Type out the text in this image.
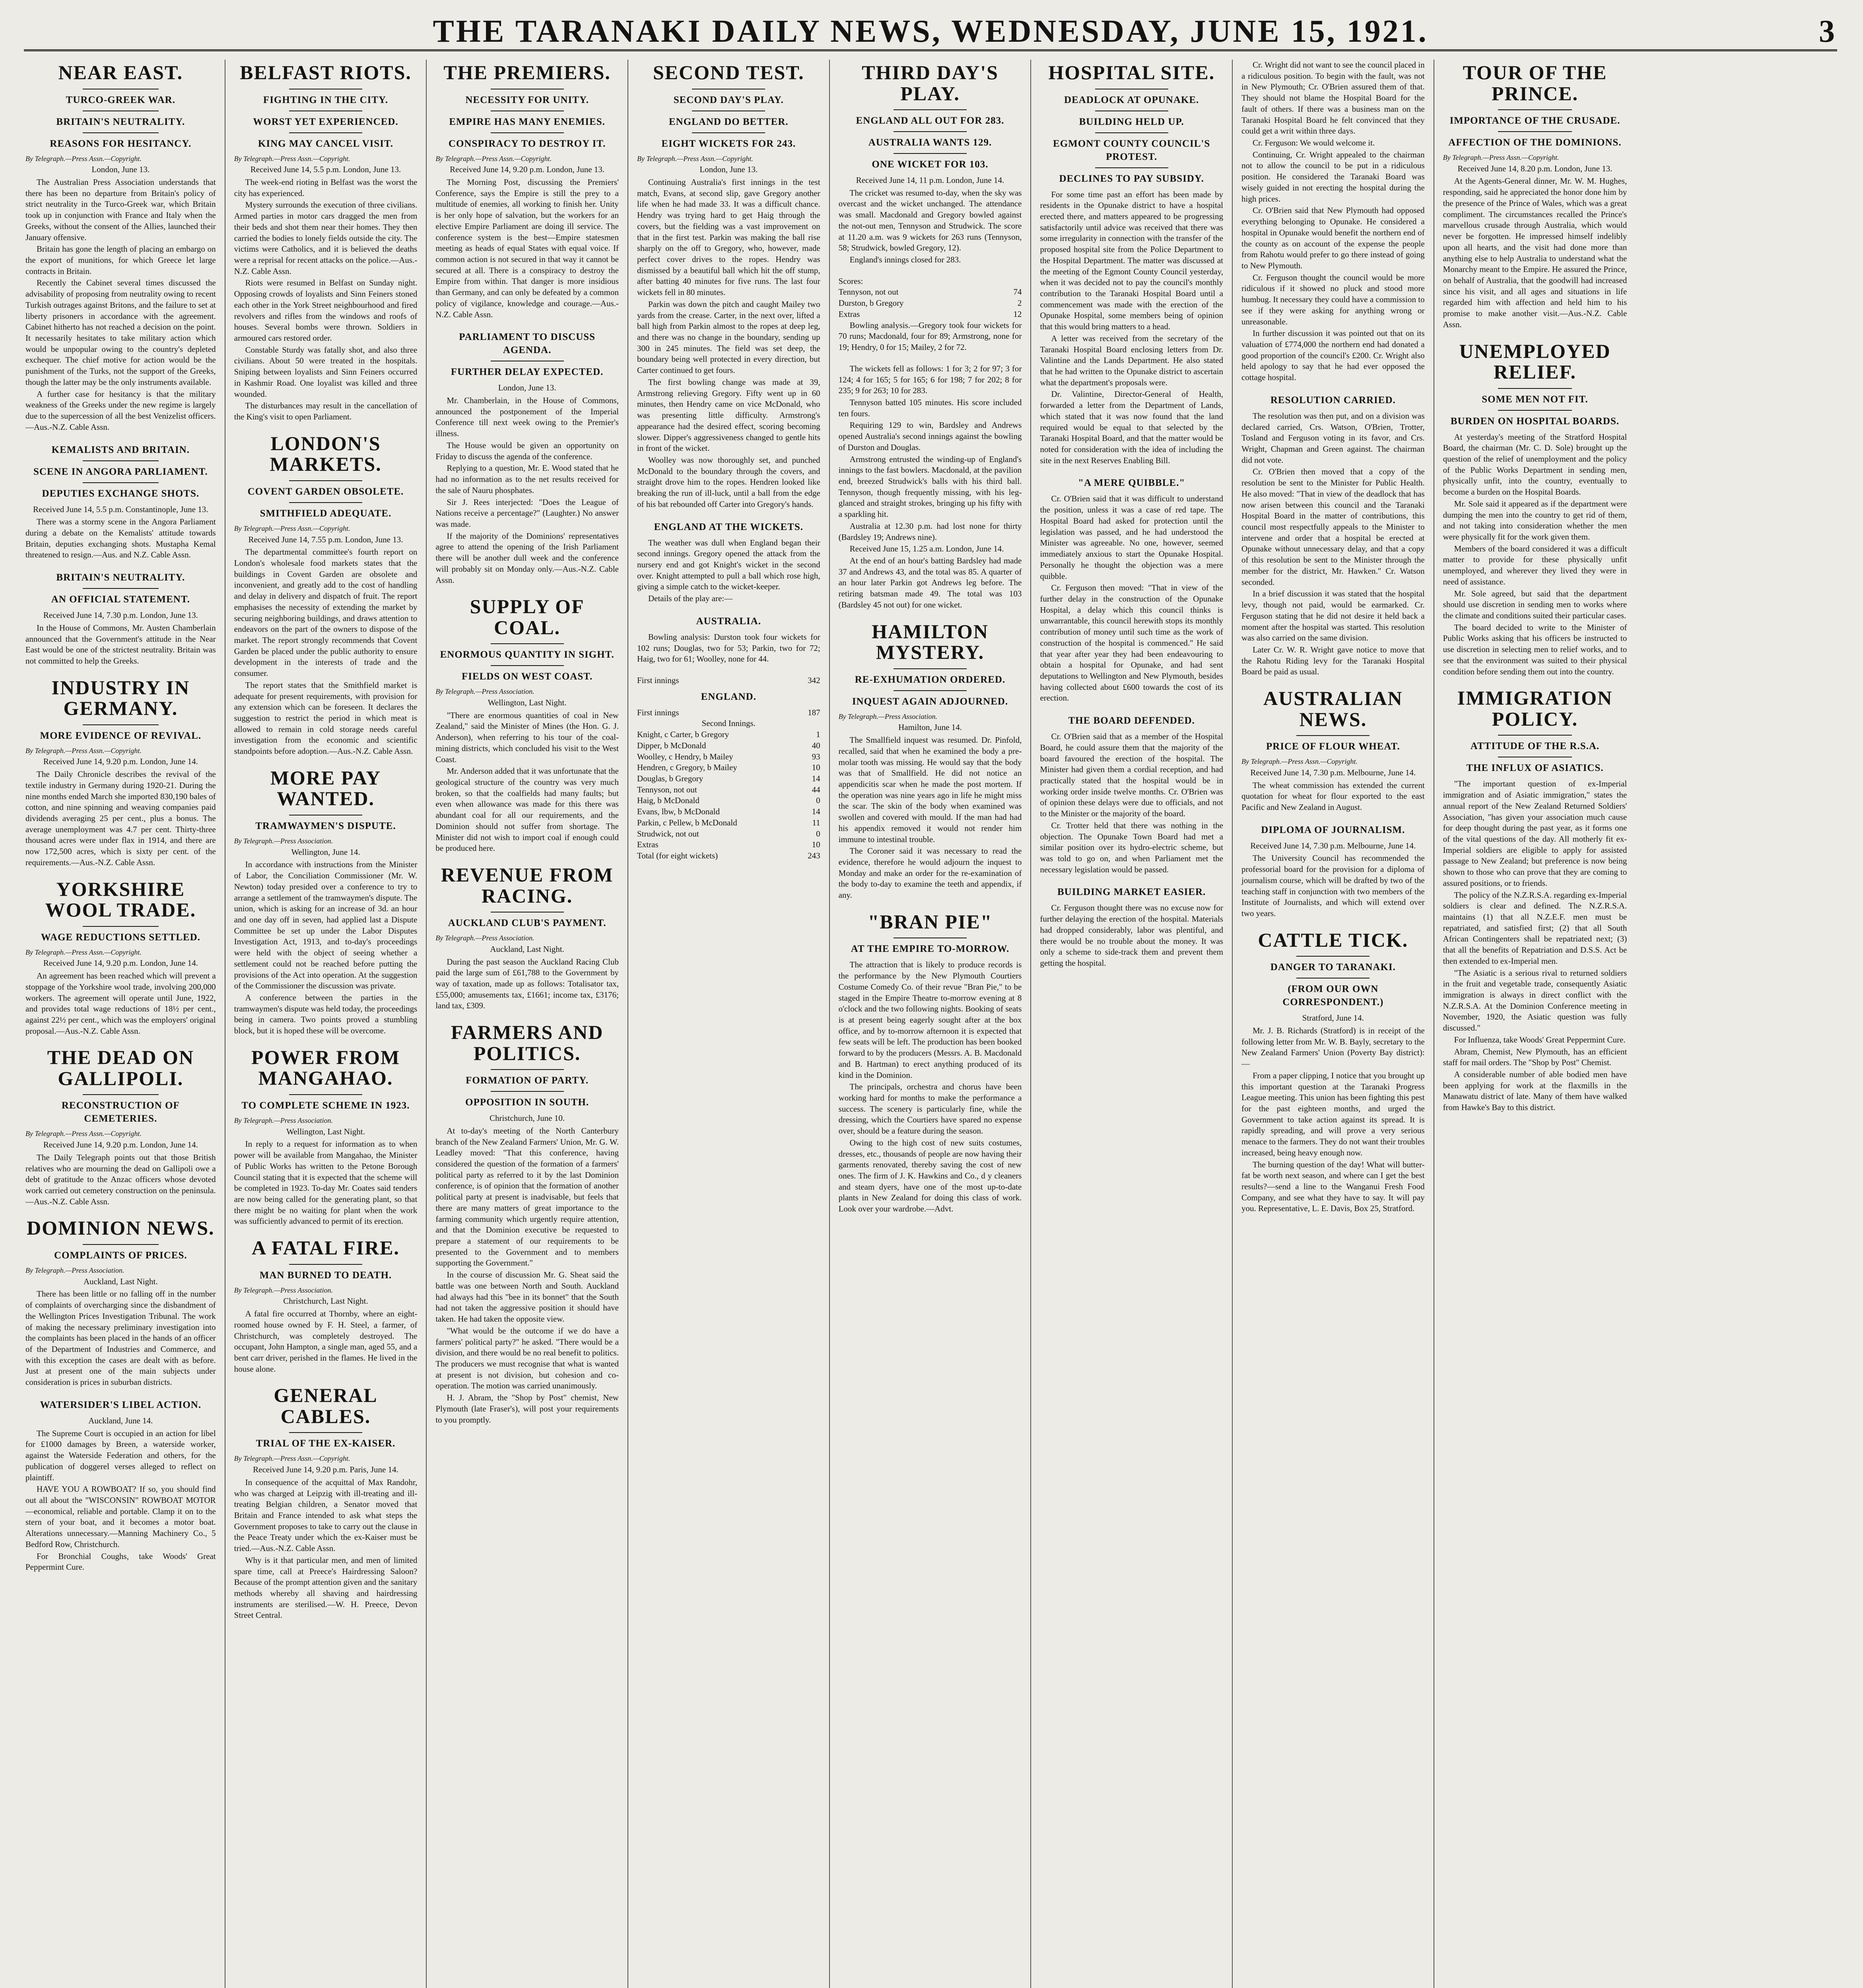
THE TARANAKI DAILY NEWS, WEDNESDAY, JUNE 15, 1921.	3
NEAR EAST.
TURCO-GREEK WAR.
BRITAIN'S NEUTRALITY.
REASONS FOR HESITANCY.
By Telegraph.—Press Assn.—Copyright.
London, June 13.

The Australian Press Association understands that there has been no departure from Britain's policy of strict neutrality in the Turco-Greek war, which Britain took up in conjunction with France and Italy when the Greeks, without the consent of the Allies, launched their January offensive.

Britain has gone the length of placing an embargo on the export of munitions, for which Greece let large contracts in Britain.

Recently the Cabinet several times discussed the advisability of proposing from neutrality owing to recent Turkish outrages against Britons, and the failure to set at liberty prisoners in accordance with the agreement. Cabinet hitherto has not reached a decision on the point. It necessarily hesitates to take military action which would be unpopular owing to the country's depleted exchequer. The chief motive for action would be the punishment of the Turks, not the support of the Greeks, though the latter may be the only instruments available.

A further case for hesitancy is that the military weakness of the Greeks under the new regime is largely due to the supercession of all the best Venizelist officers.—Aus.-N.Z. Cable Assn.

KEMALISTS AND BRITAIN.
SCENE IN ANGORA PARLIAMENT.
DEPUTIES EXCHANGE SHOTS.
Received June 14, 5.5 p.m. Constantinople, June 13.

There was a stormy scene in the Angora Parliament during a debate on the Kemalists' attitude towards Britain, deputies exchanging shots. Mustapha Kemal threatened to resign.—Aus. and N.Z. Cable Assn.

BRITAIN'S NEUTRALITY.
AN OFFICIAL STATEMENT.
Received June 14, 7.30 p.m. London, June 13.

In the House of Commons, Mr. Austen Chamberlain announced that the Government's attitude in the Near East would be one of the strictest neutrality. Britain was not committed to help the Greeks.

INDUSTRY IN GERMANY.
MORE EVIDENCE OF REVIVAL.
By Telegraph.—Press Assn.—Copyright.
Received June 14, 9.20 p.m. London, June 14.

The Daily Chronicle describes the revival of the textile industry in Germany during 1920-21. During the nine months ended March she imported 830,190 bales of cotton, and nine spinning and weaving companies paid dividends averaging 25 per cent., plus a bonus. The average unemployment was 4.7 per cent. Thirty-three thousand acres were under flax in 1914, and there are now 172,500 acres, which is sixty per cent. of the requirements.—Aus.-N.Z. Cable Assn.

YORKSHIRE WOOL TRADE.
WAGE REDUCTIONS SETTLED.
By Telegraph.—Press Assn.—Copyright.
Received June 14, 9.20 p.m. London, June 14.

An agreement has been reached which will prevent a stoppage of the Yorkshire wool trade, involving 200,000 workers. The agreement will operate until June, 1922, and provides total wage reductions of 18½ per cent., against 22½ per cent., which was the employers' original proposal.—Aus.-N.Z. Cable Assn.

THE DEAD ON GALLIPOLI.
RECONSTRUCTION OF CEMETERIES.
By Telegraph.—Press Assn.—Copyright.
Received June 14, 9.20 p.m. London, June 14.

The Daily Telegraph points out that those British relatives who are mourning the dead on Gallipoli owe a debt of gratitude to the Anzac officers whose devoted work carried out cemetery construction on the peninsula.—Aus.-N.Z. Cable Assn.

DOMINION NEWS.
COMPLAINTS OF PRICES.
By Telegraph.—Press Association.
Auckland, Last Night.

There has been little or no falling off in the number of complaints of overcharging since the disbandment of the Wellington Prices Investigation Tribunal. The work of making the necessary preliminary investigation into the complaints has been placed in the hands of an officer of the Department of Industries and Commerce, and with this exception the cases are dealt with as before. Just at present one of the main subjects under consideration is prices in suburban districts.

WATERSIDER'S LIBEL ACTION.
Auckland, June 14.

The Supreme Court is occupied in an action for libel for £1000 damages by Breen, a waterside worker, against the Waterside Federation and others, for the publication of doggerel verses alleged to reflect on plaintiff.

HAVE YOU A ROWBOAT? If so, you should find out all about the "WISCONSIN" ROWBOAT MOTOR—economical, reliable and portable. Clamp it on to the stern of your boat, and it becomes a motor boat. Alterations unnecessary.—Manning Machinery Co., 5 Bedford Row, Christchurch.

For Bronchial Coughs, take Woods' Great Peppermint Cure.

BELFAST RIOTS.
FIGHTING IN THE CITY.
WORST YET EXPERIENCED.
KING MAY CANCEL VISIT.
By Telegraph.—Press Assn.—Copyright.
Received June 14, 5.5 p.m. London, June 13.

The week-end rioting in Belfast was the worst the city has experienced.

Mystery surrounds the execution of three civilians. Armed parties in motor cars dragged the men from their beds and shot them near their homes. They then carried the bodies to lonely fields outside the city. The victims were Catholics, and it is believed the deaths were a reprisal for recent attacks on the police.—Aus.-N.Z. Cable Assn.

Riots were resumed in Belfast on Sunday night. Opposing crowds of loyalists and Sinn Feiners stoned each other in the York Street neighbourhood and fired revolvers and rifles from the windows and roofs of houses. Several bombs were thrown. Soldiers in armoured cars restored order.

Constable Sturdy was fatally shot, and also three civilians. About 50 were treated in the hospitals. Sniping between loyalists and Sinn Feiners occurred in Kashmir Road. One loyalist was killed and three wounded.

The disturbances may result in the cancellation of the King's visit to open Parliament.

LONDON'S MARKETS.
COVENT GARDEN OBSOLETE.
SMITHFIELD ADEQUATE.
By Telegraph.—Press Assn.—Copyright.
Received June 14, 7.55 p.m. London, June 13.

The departmental committee's fourth report on London's wholesale food markets states that the buildings in Covent Garden are obsolete and inconvenient, and greatly add to the cost of handling and delay in delivery and dispatch of fruit. The report emphasises the necessity of extending the market by securing neighboring buildings, and draws attention to endeavors on the part of the owners to dispose of the market. The report strongly recommends that Covent Garden be placed under the public authority to ensure development in the interests of trade and the consumer.

The report states that the Smithfield market is adequate for present requirements, with provision for any extension which can be foreseen. It declares the suggestion to restrict the period in which meat is allowed to remain in cold storage needs careful investigation from the economic and scientific standpoints before adoption.—Aus.-N.Z. Cable Assn.

MORE PAY WANTED.
TRAMWAYMEN'S DISPUTE.
By Telegraph.—Press Association.
Wellington, June 14.

In accordance with instructions from the Minister of Labor, the Conciliation Commissioner (Mr. W. Newton) today presided over a conference to try to arrange a settlement of the tramwaymen's dispute. The union, which is asking for an increase of 3d. an hour and one day off in seven, had applied last a Dispute Committee be set up under the Labor Disputes Investigation Act, 1913, and to-day's proceedings were held with the object of seeing whether a settlement could not be reached before putting the provisions of the Act into operation. At the suggestion of the Commissioner the discussion was private.

A conference between the parties in the tramwaymen's dispute was held today, the proceedings being in camera. Two points proved a stumbling block, but it is hoped these will be overcome.

POWER FROM MANGAHAO.
TO COMPLETE SCHEME IN 1923.
By Telegraph.—Press Association.
Wellington, Last Night.

In reply to a request for information as to when power will be available from Mangahao, the Minister of Public Works has written to the Petone Borough Council stating that it is expected that the scheme will be completed in 1923. To-day Mr. Coates said tenders are now being called for the generating plant, so that there might be no waiting for plant when the work was sufficiently advanced to permit of its erection.

A FATAL FIRE.
MAN BURNED TO DEATH.
By Telegraph.—Press Association.
Christchurch, Last Night.

A fatal fire occurred at Thornby, where an eight-roomed house owned by F. H. Steel, a farmer, of Christchurch, was completely destroyed. The occupant, John Hampton, a single man, aged 55, and a bent carr driver, perished in the flames. He lived in the house alone.

GENERAL CABLES.
TRIAL OF THE EX-KAISER.
By Telegraph.—Press Assn.—Copyright.
Received June 14, 9.20 p.m. Paris, June 14.

In consequence of the acquittal of Max Randohr, who was charged at Leipzig with ill-treating and ill-treating Belgian children, a Senator moved that Britain and France intended to ask what steps the Government proposes to take to carry out the clause in the Peace Treaty under which the ex-Kaiser must be tried.—Aus.-N.Z. Cable Assn.

Why is it that particular men, and men of limited spare time, call at Preece's Hairdressing Saloon? Because of the prompt attention given and the sanitary methods whereby all shaving and hairdressing instruments are sterilised.—W. H. Preece, Devon Street Central.

THE PREMIERS.
NECESSITY FOR UNITY.
EMPIRE HAS MANY ENEMIES.
CONSPIRACY TO DESTROY IT.
By Telegraph.—Press Assn.—Copyright.
Received June 14, 9.20 p.m. London, June 13.

The Morning Post, discussing the Premiers' Conference, says the Empire is still the prey to a multitude of enemies, all working to finish her. Unity is her only hope of salvation, but the workers for an elective Empire Parliament are doing ill service. The conference system is the best—Empire statesmen meeting as heads of equal States with equal voice. If common action is not secured in that way it cannot be secured at all. There is a conspiracy to destroy the Empire from within. That danger is more insidious than Germany, and can only be defeated by a common policy of vigilance, knowledge and courage.—Aus.-N.Z. Cable Assn.

PARLIAMENT TO DISCUSS AGENDA.
FURTHER DELAY EXPECTED.
London, June 13.

Mr. Chamberlain, in the House of Commons, announced the postponement of the Imperial Conference till next week owing to the Premier's illness.

The House would be given an opportunity on Friday to discuss the agenda of the conference.

Replying to a question, Mr. E. Wood stated that he had no information as to the net results received for the sale of Nauru phosphates.

Sir J. Rees interjected: "Does the League of Nations receive a percentage?" (Laughter.) No answer was made.

If the majority of the Dominions' representatives agree to attend the opening of the Irish Parliament there will be another dull week and the conference will probably sit on Monday only.—Aus.-N.Z. Cable Assn.

SUPPLY OF COAL.
ENORMOUS QUANTITY IN SIGHT.
FIELDS ON WEST COAST.
By Telegraph.—Press Association.
Wellington, Last Night.

"There are enormous quantities of coal in New Zealand," said the Minister of Mines (the Hon. G. J. Anderson), when referring to his tour of the coal-mining districts, which concluded his visit to the West Coast.

Mr. Anderson added that it was unfortunate that the geological structure of the country was very much broken, so that the coalfields had many faults; but even when allowance was made for this there was abundant coal for all our requirements, and the Dominion should not suffer from shortage. The Minister did not wish to import coal if enough could be produced here.

REVENUE FROM RACING.
AUCKLAND CLUB'S PAYMENT.
By Telegraph.—Press Association.
Auckland, Last Night.

During the past season the Auckland Racing Club paid the large sum of £61,788 to the Government by way of taxation, made up as follows: Totalisator tax, £55,000; amusements tax, £1661; income tax, £3176; land tax, £309.

FARMERS AND POLITICS.
FORMATION OF PARTY.
OPPOSITION IN SOUTH.
Christchurch, June 10.

At to-day's meeting of the North Canterbury branch of the New Zealand Farmers' Union, Mr. G. W. Leadley moved: "That this conference, having considered the question of the formation of a farmers' political party as referred to it by the last Dominion conference, is of opinion that the formation of another political party at present is inadvisable, but feels that there are many matters of great importance to the farming community which urgently require attention, and that the Dominion executive be requested to prepare a statement of our requirements to be presented to the Government and to members supporting the Government."

In the course of discussion Mr. G. Sheat said the battle was one between North and South. Auckland had always had this "bee in its bonnet" that the South had not taken the aggressive position it should have taken. He had taken the opposite view.

"What would be the outcome if we do have a farmers' political party?" he asked. "There would be a division, and there would be no real benefit to politics. The producers we must recognise that what is wanted at present is not division, but cohesion and co-operation. The motion was carried unanimously.

H. J. Abram, the "Shop by Post" chemist, New Plymouth (late Fraser's), will post your requirements to you promptly.

SECOND TEST.
SECOND DAY'S PLAY.
ENGLAND DO BETTER.
EIGHT WICKETS FOR 243.
By Telegraph.—Press Assn.—Copyright.
London, June 13.

Continuing Australia's first innings in the test match, Evans, at second slip, gave Gregory another life when he had made 33. It was a difficult chance. Hendry was trying hard to get Haig through the covers, but the fielding was a vast improvement on that in the first test. Parkin was making the ball rise sharply on the off to Gregory, who, however, made perfect cover drives to the ropes. Hendry was dismissed by a beautiful ball which hit the off stump, after batting 40 minutes for five runs. The last four wickets fell in 80 minutes.

Parkin was down the pitch and caught Mailey two yards from the crease. Carter, in the next over, lifted a ball high from Parkin almost to the ropes at deep leg, and there was no change in the boundary, sending up 300 in 245 minutes. The field was set deep, the boundary being well protected in every direction, but Carter continued to get fours.

The first bowling change was made at 39, Armstrong relieving Gregory. Fifty went up in 60 minutes, then Hendry came on vice McDonald, who was presenting little difficulty. Armstrong's appearance had the desired effect, scoring becoming slower. Dipper's aggressiveness changed to gentle hits in front of the wicket.

Woolley was now thoroughly set, and punched McDonald to the boundary through the covers, and straight drove him to the ropes. Hendren looked like breaking the run of ill-luck, until a ball from the edge of his bat rebounded off Carter into Gregory's hands.

ENGLAND AT THE WICKETS.

The weather was dull when England began their second innings. Gregory opened the attack from the nursery end and got Knight's wicket in the second over. Knight attempted to pull a ball which rose high, giving a simple catch to the wicket-keeper.

Details of the play are:—

AUSTRALIA.

Bowling analysis: Durston took four wickets for 102 runs; Douglas, two for 53; Parkin, two for 72; Haig, two for 61; Woolley, none for 44.

First innings	342
ENGLAND.
First innings	187
Second Innings.
Knight, c Carter, b Gregory	1
Dipper, b McDonald	40
Woolley, c Hendry, b Mailey	93
Hendren, c Gregory, b Mailey	10
Douglas, b Gregory	14
Tennyson, not out	44
Haig, b McDonald	0
Evans, lbw, b McDonald	14
Parkin, c Pellew, b McDonald	11
Strudwick, not out	0
Extras	10
Total (for eight wickets)	243
THIRD DAY'S PLAY.
ENGLAND ALL OUT FOR 283.
AUSTRALIA WANTS 129.
ONE WICKET FOR 103.
Received June 14, 11 p.m. London, June 14.

The cricket was resumed to-day, when the sky was overcast and the wicket unchanged. The attendance was small. Macdonald and Gregory bowled against the not-out men, Tennyson and Strudwick. The score at 11.20 a.m. was 9 wickets for 263 runs (Tennyson, 58; Strudwick, bowled Gregory, 12).

England's innings closed for 283.

Scores:
Tennyson, not out	74
Durston, b Gregory	2
Extras	12

Bowling analysis.—Gregory took four wickets for 70 runs; Macdonald, four for 89; Armstrong, none for 19; Hendry, 0 for 15; Mailey, 2 for 72.

The wickets fell as follows: 1 for 3; 2 for 97; 3 for 124; 4 for 165; 5 for 165; 6 for 198; 7 for 202; 8 for 235; 9 for 263; 10 for 283.

Tennyson batted 105 minutes. His score included ten fours.

Requiring 129 to win, Bardsley and Andrews opened Australia's second innings against the bowling of Durston and Douglas.

Armstrong entrusted the winding-up of England's innings to the fast bowlers. Macdonald, at the pavilion end, breezed Strudwick's balls with his third ball. Tennyson, though frequently missing, with his leg-glanced and straight strokes, bringing up his fifty with a sparkling hit.

Australia at 12.30 p.m. had lost none for thirty (Bardsley 19; Andrews nine).

Received June 15, 1.25 a.m. London, June 14.

At the end of an hour's batting Bardsley had made 37 and Andrews 43, and the total was 85. A quarter of an hour later Parkin got Andrews leg before. The retiring batsman made 49. The total was 103 (Bardsley 45 not out) for one wicket.

HAMILTON MYSTERY.
RE-EXHUMATION ORDERED.
INQUEST AGAIN ADJOURNED.
By Telegraph.—Press Association.
Hamilton, June 14.

The Smallfield inquest was resumed. Dr. Pinfold, recalled, said that when he examined the body a pre-molar tooth was missing. He would say that the body was that of Smallfield. He did not notice an appendicitis scar when he made the post mortem. If the operation was nine years ago in life he might miss the scar. The skin of the body when examined was swollen and covered with mould. If the man had had his appendix removed it would not render him immune to intestinal trouble.

The Coroner said it was necessary to read the evidence, therefore he would adjourn the inquest to Monday and make an order for the re-examination of the body to-day to examine the teeth and appendix, if any.

"BRAN PIE"
AT THE EMPIRE TO-MORROW.

The attraction that is likely to produce records is the performance by the New Plymouth Courtiers Costume Comedy Co. of their revue "Bran Pie," to be staged in the Empire Theatre to-morrow evening at 8 o'clock and the two following nights. Booking of seats is at present being eagerly sought after at the box office, and by to-morrow afternoon it is expected that few seats will be left. The production has been booked forward to by the producers (Messrs. A. B. Macdonald and B. Hartman) to erect anything produced of its kind in the Dominion.

The principals, orchestra and chorus have been working hard for months to make the performance a success. The scenery is particularly fine, while the dressing, which the Courtiers have spared no expense over, should be a feature during the season.

Owing to the high cost of new suits costumes, dresses, etc., thousands of people are now having their garments renovated, thereby saving the cost of new ones. The firm of J. K. Hawkins and Co., d y cleaners and steam dyers, have one of the most up-to-date plants in New Zealand for doing this class of work. Look over your wardrobe.—Advt.

HOSPITAL SITE.
DEADLOCK AT OPUNAKE.
BUILDING HELD UP.
EGMONT COUNTY COUNCIL'S PROTEST.
DECLINES TO PAY SUBSIDY.

For some time past an effort has been made by residents in the Opunake district to have a hospital erected there, and matters appeared to be progressing satisfactorily until advice was received that there was some irregularity in connection with the transfer of the proposed hospital site from the Police Department to the Hospital Department. The matter was discussed at the meeting of the Egmont County Council yesterday, when it was decided not to pay the council's monthly contribution to the Taranaki Hospital Board until a commencement was made with the erection of the Opunake Hospital, some members being of opinion that this would bring matters to a head.

A letter was received from the secretary of the Taranaki Hospital Board enclosing letters from Dr. Valintine and the Lands Department. He also stated that he had written to the Opunake district to ascertain what the department's proposals were.

Dr. Valintine, Director-General of Health, forwarded a letter from the Department of Lands, which stated that it was now found that the land required would be equal to that selected by the Taranaki Hospital Board, and that the matter would be noted for consideration with the idea of including the site in the next Reserves Enabling Bill.

"A MERE QUIBBLE."

Cr. O'Brien said that it was difficult to understand the position, unless it was a case of red tape. The Hospital Board had asked for protection until the legislation was passed, and he had understood the Minister was agreeable. No one, however, seemed immediately anxious to start the Opunake Hospital. Personally he thought the objection was a mere quibble.

Cr. Ferguson then moved: "That in view of the further delay in the construction of the Opunake Hospital, a delay which this council thinks is unwarrantable, this council herewith stops its monthly contribution of money until such time as the work of construction of the hospital is commenced." He said that year after year they had been endeavouring to obtain a hospital for Opunake, and had sent deputations to Wellington and New Plymouth, besides having collected about £600 towards the cost of its erection.

THE BOARD DEFENDED.

Cr. O'Brien said that as a member of the Hospital Board, he could assure them that the majority of the board favoured the erection of the hospital. The Minister had given them a cordial reception, and had practically stated that the hospital would be in working order inside twelve months. Cr. O'Brien was of opinion these delays were due to officials, and not to the Minister or the majority of the board.

Cr. Trotter held that there was nothing in the objection. The Opunake Town Board had met a similar position over its hydro-electric scheme, but was told to go on, and when Parliament met the necessary legislation would be passed.

BUILDING MARKET EASIER.

Cr. Ferguson thought there was no excuse now for further delaying the erection of the hospital. Materials had dropped considerably, labor was plentiful, and there would be no trouble about the money. It was only a scheme to side-track them and prevent them getting the hospital.

Cr. Wright did not want to see the council placed in a ridiculous position. To begin with the fault, was not in New Plymouth; Cr. O'Brien assured them of that. They should not blame the Hospital Board for the fault of others. If there was a business man on the Taranaki Hospital Board he felt convinced that they could get a writ within three days.

Cr. Ferguson: We would welcome it.

Continuing, Cr. Wright appealed to the chairman not to allow the council to be put in a ridiculous position. He considered the Taranaki Board was wisely guided in not erecting the hospital during the high prices.

Cr. O'Brien said that New Plymouth had opposed everything belonging to Opunake. He considered a hospital in Opunake would benefit the northern end of the county as on account of the expense the people from Rahotu would prefer to go there instead of going to New Plymouth.

Cr. Ferguson thought the council would be more ridiculous if it showed no pluck and stood more humbug. It necessary they could have a commission to see if they were asking for anything wrong or unreasonable.

In further discussion it was pointed out that on its valuation of £774,000 the northern end had donated a good proportion of the council's £200. Cr. Wright also held apology to say that he had ever opposed the cottage hospital.

RESOLUTION CARRIED.

The resolution was then put, and on a division was declared carried, Crs. Watson, O'Brien, Trotter, Tosland and Ferguson voting in its favor, and Crs. Wright, Chapman and Green against. The chairman did not vote.

Cr. O'Brien then moved that a copy of the resolution be sent to the Minister for Public Health. He also moved: "That in view of the deadlock that has now arisen between this council and the Taranaki Hospital Board in the matter of contributions, this council most respectfully appeals to the Minister to intervene and order that a hospital be erected at Opunake without unnecessary delay, and that a copy of this resolution be sent to the Minister through the member for the district, Mr. Hawken." Cr. Watson seconded.

In a brief discussion it was stated that the hospital levy, though not paid, would be earmarked. Cr. Ferguson stating that he did not desire it held back a moment after the hospital was started. This resolution was also carried on the same division.

Later Cr. W. R. Wright gave notice to move that the Rahotu Riding levy for the Taranaki Hospital Board be paid as usual.

AUSTRALIAN NEWS.
PRICE OF FLOUR WHEAT.
By Telegraph.—Press Assn.—Copyright.
Received June 14, 7.30 p.m. Melbourne, June 14.

The wheat commission has extended the current quotation for wheat for flour exported to the east Pacific and New Zealand in August.

DIPLOMA OF JOURNALISM.
Received June 14, 7.30 p.m. Melbourne, June 14.

The University Council has recommended the professorial board for the provision for a diploma of journalism course, which will be drafted by two of the teaching staff in conjunction with two members of the Institute of Journalists, and which will extend over two years.

CATTLE TICK.
DANGER TO TARANAKI.
(FROM OUR OWN CORRESPONDENT.)
Stratford, June 14.

Mr. J. B. Richards (Stratford) is in receipt of the following letter from Mr. W. B. Bayly, secretary to the New Zealand Farmers' Union (Poverty Bay district):—

From a paper clipping, I notice that you brought up this important question at the Taranaki Progress League meeting. This union has been fighting this pest for the past eighteen months, and urged the Government to take action against its spread. It is rapidly spreading, and will prove a very serious menace to the farmers. They do not want their troubles increased, being heavy enough now.

The burning question of the day! What will butter-fat be worth next season, and where can I get the best results?—send a line to the Wanganui Fresh Food Company, and see what they have to say. It will pay you. Representative, L. E. Davis, Box 25, Stratford.

TOUR OF THE PRINCE.
IMPORTANCE OF THE CRUSADE.
AFFECTION OF THE DOMINIONS.
By Telegraph.—Press Assn.—Copyright.
Received June 14, 8.20 p.m. London, June 13.

At the Agents-General dinner, Mr. W. M. Hughes, responding, said he appreciated the honor done him by the presence of the Prince of Wales, which was a great compliment. The circumstances recalled the Prince's marvellous crusade through Australia, which would never be forgotten. He impressed himself indelibly upon all hearts, and the visit had done more than anything else to help Australia to understand what the Monarchy meant to the Empire. He assured the Prince, on behalf of Australia, that the goodwill had increased since his visit, and all ages and situations in life regarded him with affection and held him to his promise to make another visit.—Aus.-N.Z. Cable Assn.

UNEMPLOYED RELIEF.
SOME MEN NOT FIT.
BURDEN ON HOSPITAL BOARDS.

At yesterday's meeting of the Stratford Hospital Board, the chairman (Mr. C. D. Sole) brought up the question of the relief of unemployment and the policy of the Public Works Department in sending men, physically unfit, into the country, eventually to become a burden on the Hospital Boards.

Mr. Sole said it appeared as if the department were dumping the men into the country to get rid of them, and not taking into consideration whether the men were physically fit for the work given them.

Members of the board considered it was a difficult matter to provide for these physically unfit unemployed, and wherever they lived they were in need of assistance.

Mr. Sole agreed, but said that the department should use discretion in sending men to works where the climate and conditions suited their particular cases.

The board decided to write to the Minister of Public Works asking that his officers be instructed to use discretion in selecting men to relief works, and to see that the environment was suited to their physical condition before sending them out into the country.

IMMIGRATION POLICY.
ATTITUDE OF THE R.S.A.
THE INFLUX OF ASIATICS.

"The important question of ex-Imperial immigration and of Asiatic immigration," states the annual report of the New Zealand Returned Soldiers' Association, "has given your association much cause for deep thought during the past year, as it forms one of the vital questions of the day. All motherly fit ex-Imperial soldiers are eligible to apply for assisted passage to New Zealand; but preference is now being shown to those who can prove that they are coming to assured positions, or to friends.

The policy of the N.Z.R.S.A. regarding ex-Imperial soldiers is clear and defined. The N.Z.R.S.A. maintains (1) that all N.Z.E.F. men must be repatriated, and satisfied first; (2) that all South African Contingenters shall be repatriated next; (3) that all the benefits of Repatriation and D.S.S. Act be then extended to ex-Imperial men.

"The Asiatic is a serious rival to returned soldiers in the fruit and vegetable trade, consequently Asiatic immigration is always in direct conflict with the N.Z.R.S.A. At the Dominion Conference meeting in November, 1920, the Asiatic question was fully discussed."

For Influenza, take Woods' Great Peppermint Cure.

Abram, Chemist, New Plymouth, has an efficient staff for mail orders. The "Shop by Post" Chemist.

A considerable number of able bodied men have been applying for work at the flaxmills in the Manawatu district of late. Many of them have walked from Hawke's Bay to this district.
